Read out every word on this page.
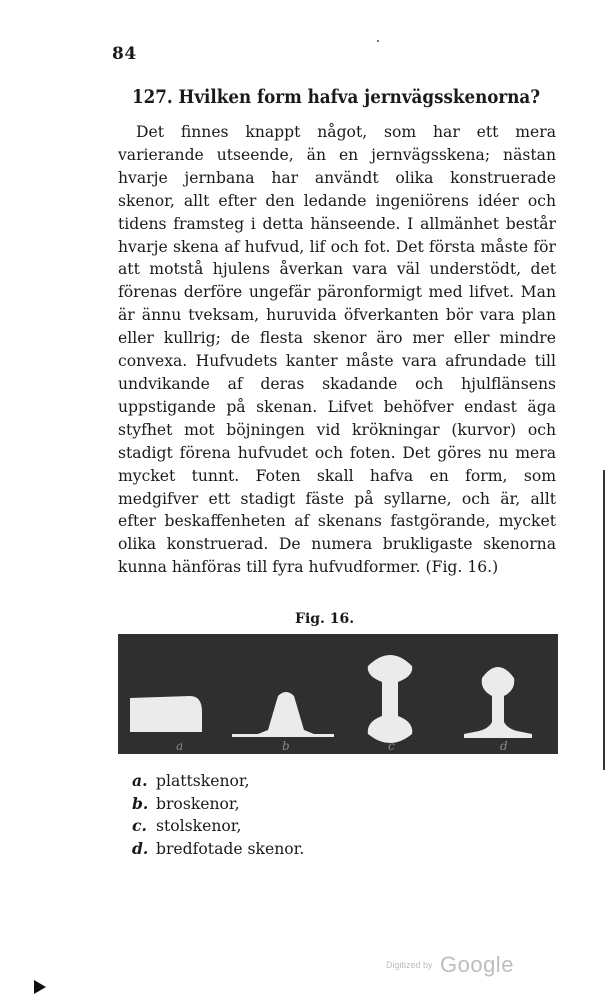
84
127. Hvilken form hafva jernvägsskenorna?

Det finnes knappt något, som har ett mera varierande utseende, än en jernvägsskena; nästan hvarje jernbana har användt olika konstruerade skenor, allt efter den ledande ingeniörens idéer och tidens framsteg i detta hänseende. I allmänhet består hvarje skena af hufvud, lif och fot. Det första måste för att motstå hjulens åverkan vara väl understödt, det förenas derföre ungefär päronformigt med lifvet. Man är ännu tveksam, huruvida öfverkanten bör vara plan eller kullrig; de flesta skenor äro mer eller mindre convexa. Hufvudets kanter måste vara afrundade till undvikande af deras skadande och hjulflänsens uppstigande på skenan. Lifvet behöfver endast äga styfhet mot böjningen vid krökningar (kurvor) och stadigt förena hufvudet och foten. Det göres nu mera mycket tunnt. Foten skall hafva en form, som medgifver ett stadigt fäste på syllarne, och är, allt efter beskaffenheten af skenans fastgörande, mycket olika konstruerad. De numera brukligaste skenorna kunna hänföras till fyra hufvudformer. (Fig. 16.)

Fig. 16.
a	b	c	d
a. plattskenor,
b. broskenor,
c. stolskenor,
d. bredfotade skenor.
Digitized by Google
